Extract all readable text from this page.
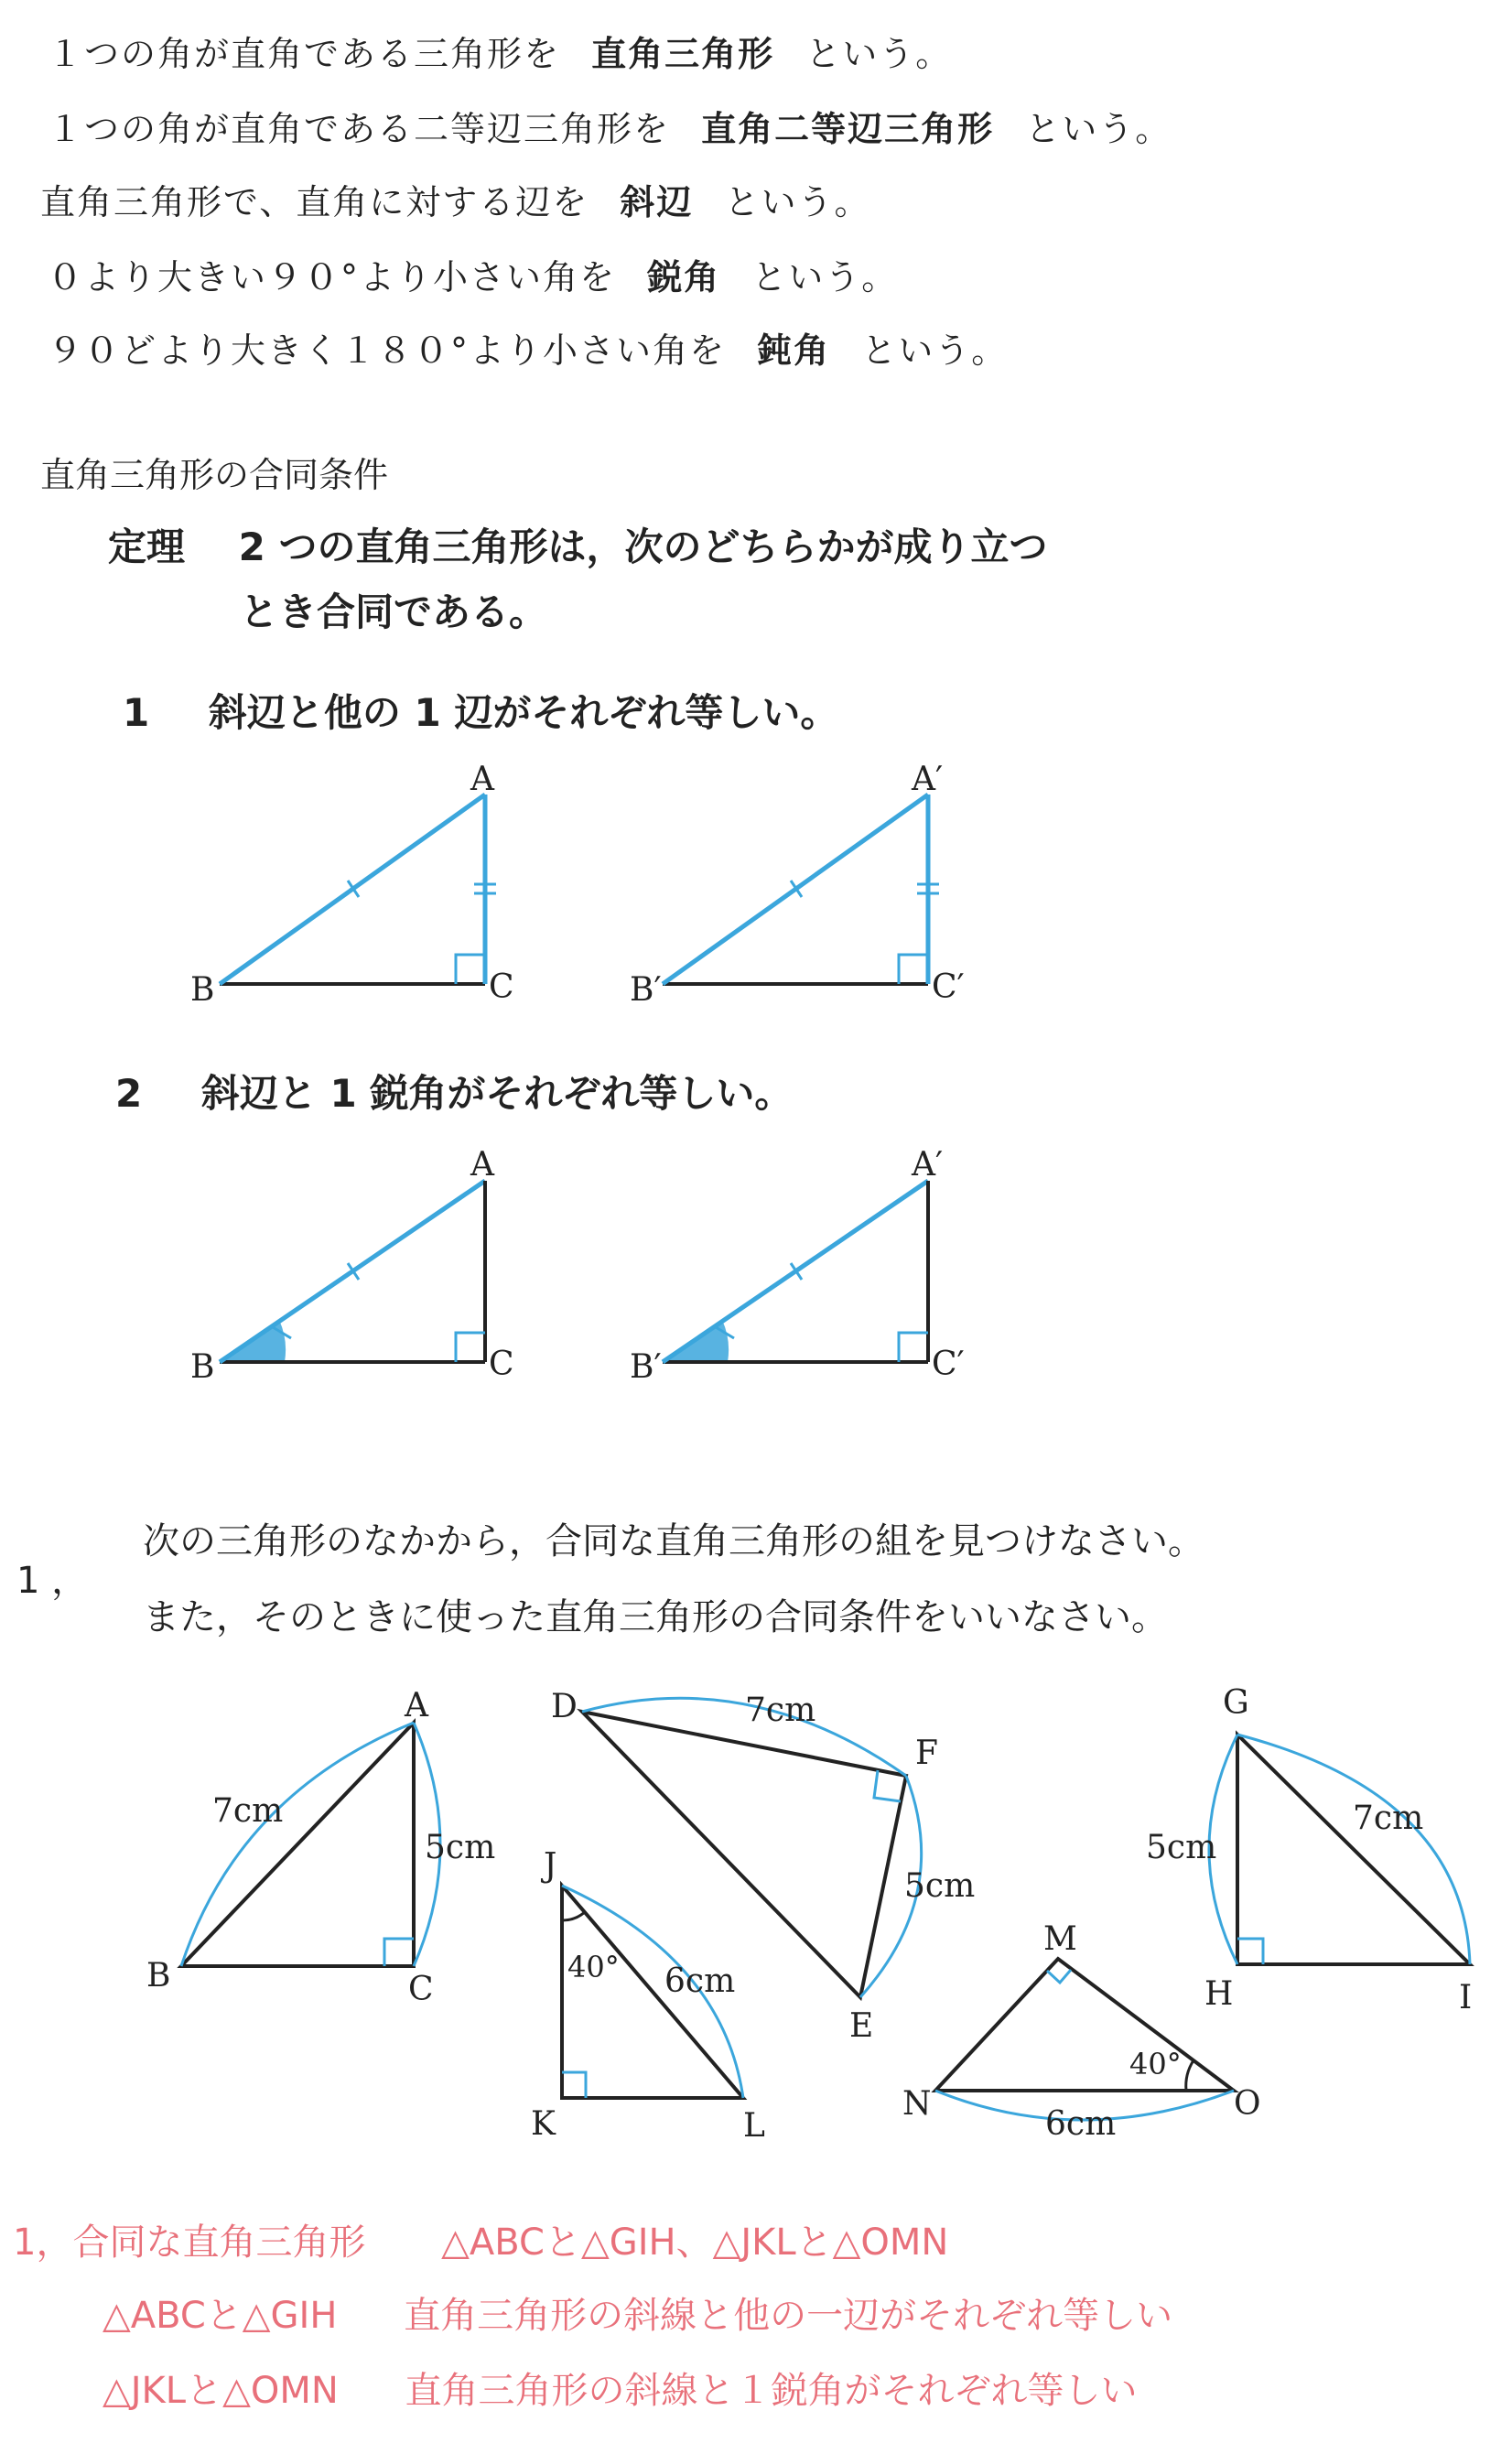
１つの角が直角である三角形を 直角三角形 という。
１つの角が直角である二等辺三角形を 直角二等辺三角形 という。
直角三角形で、直角に対する辺を 斜辺 という。
０より大きい９０°より小さい角を 鋭角 という。
９０どより大きく１８０°より小さい角を 鈍角 という。
直角三角形の合同条件
定理 2 つの直角三角形は，次のどちらかが成り立つ
とき合同である。
1 斜辺と他の 1 辺がそれぞれ等しい。
2 斜辺と 1 鋭角がそれぞれ等しい。
1 ，
次の三角形のなかから，合同な直角三角形の組を見つけなさい。
また，そのときに使った直角三角形の合同条件をいいなさい。
1，合同な直角三角形 △ABCと△GIH、△JKLと△OMN
△ABCと△GIH 直角三角形の斜線と他の一辺がそれぞれ等しい
△JKLと△OMN 直角三角形の斜線と１鋭角がそれぞれ等しい
A
B	C
A′
B′	C′
A
B	C
A′
B′	C′
A
B	C
7cm
5cm
D
E
F
7cm
5cm
J
K	L
40° 6cm
M
N	O
40°
6cm
G
H	I
5cm
7cm
